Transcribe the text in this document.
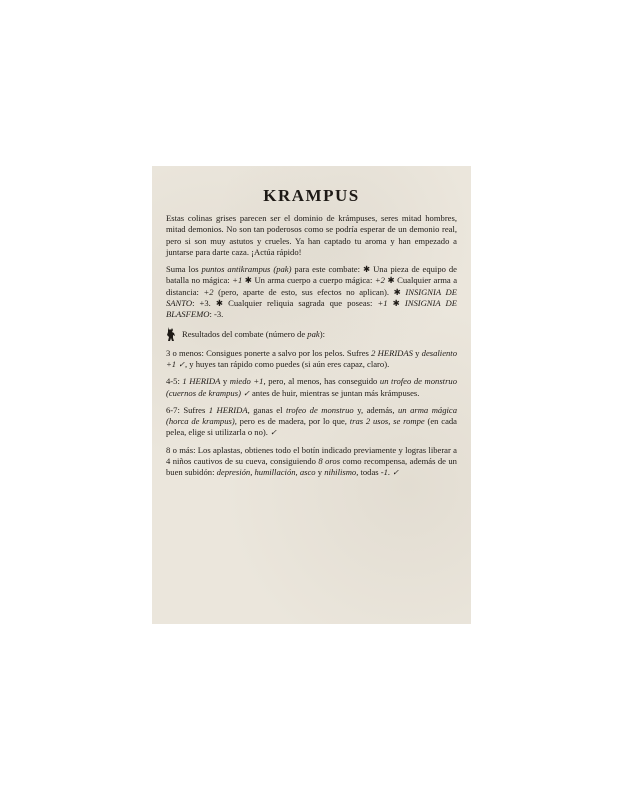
KRAMPUS

Estas colinas grises parecen ser el dominio de krámpuses, seres mitad hombres, mitad demonios. No son tan poderosos como se podría esperar de un demonio real, pero si son muy astutos y crueles. Ya han captado tu aroma y han empezado a juntarse para darte caza. ¡Actúa rápido!

Suma los puntos antikrampus (pak) para este combate: ✱ Una pieza de equipo de batalla no mágica: +1 ✱ Un arma cuerpo a cuerpo mágica: +2 ✱ Cualquier arma a distancia: +2 (pero, aparte de esto, sus efectos no aplican). ✱ INSIGNIA DE SANTO: +3. ✱ Cualquier reliquia sagrada que poseas: +1 ✱ INSIGNIA DE BLASFEMO: -3.

Resultados del combate (número de pak):

3 o menos: Consigues ponerte a salvo por los pelos. Sufres 2 HERIDAS y desaliento +1 ✓, y huyes tan rápido como puedes (si aún eres capaz, claro).

4-5: 1 HERIDA y miedo +1, pero, al menos, has conseguido un trofeo de monstruo (cuernos de krampus) ✓ antes de huir, mientras se juntan más krámpuses.

6-7: Sufres 1 HERIDA, ganas el trofeo de monstruo y, además, un arma mágica (horca de krampus), pero es de madera, por lo que, tras 2 usos, se rompe (en cada pelea, elige si utilizarla o no). ✓

8 o más: Los aplastas, obtienes todo el botín indicado previamente y logras liberar a 4 niños cautivos de su cueva, consiguiendo 8 oros como recompensa, además de un buen subidón: depresión, humillación, asco y nihilismo, todas -1. ✓
